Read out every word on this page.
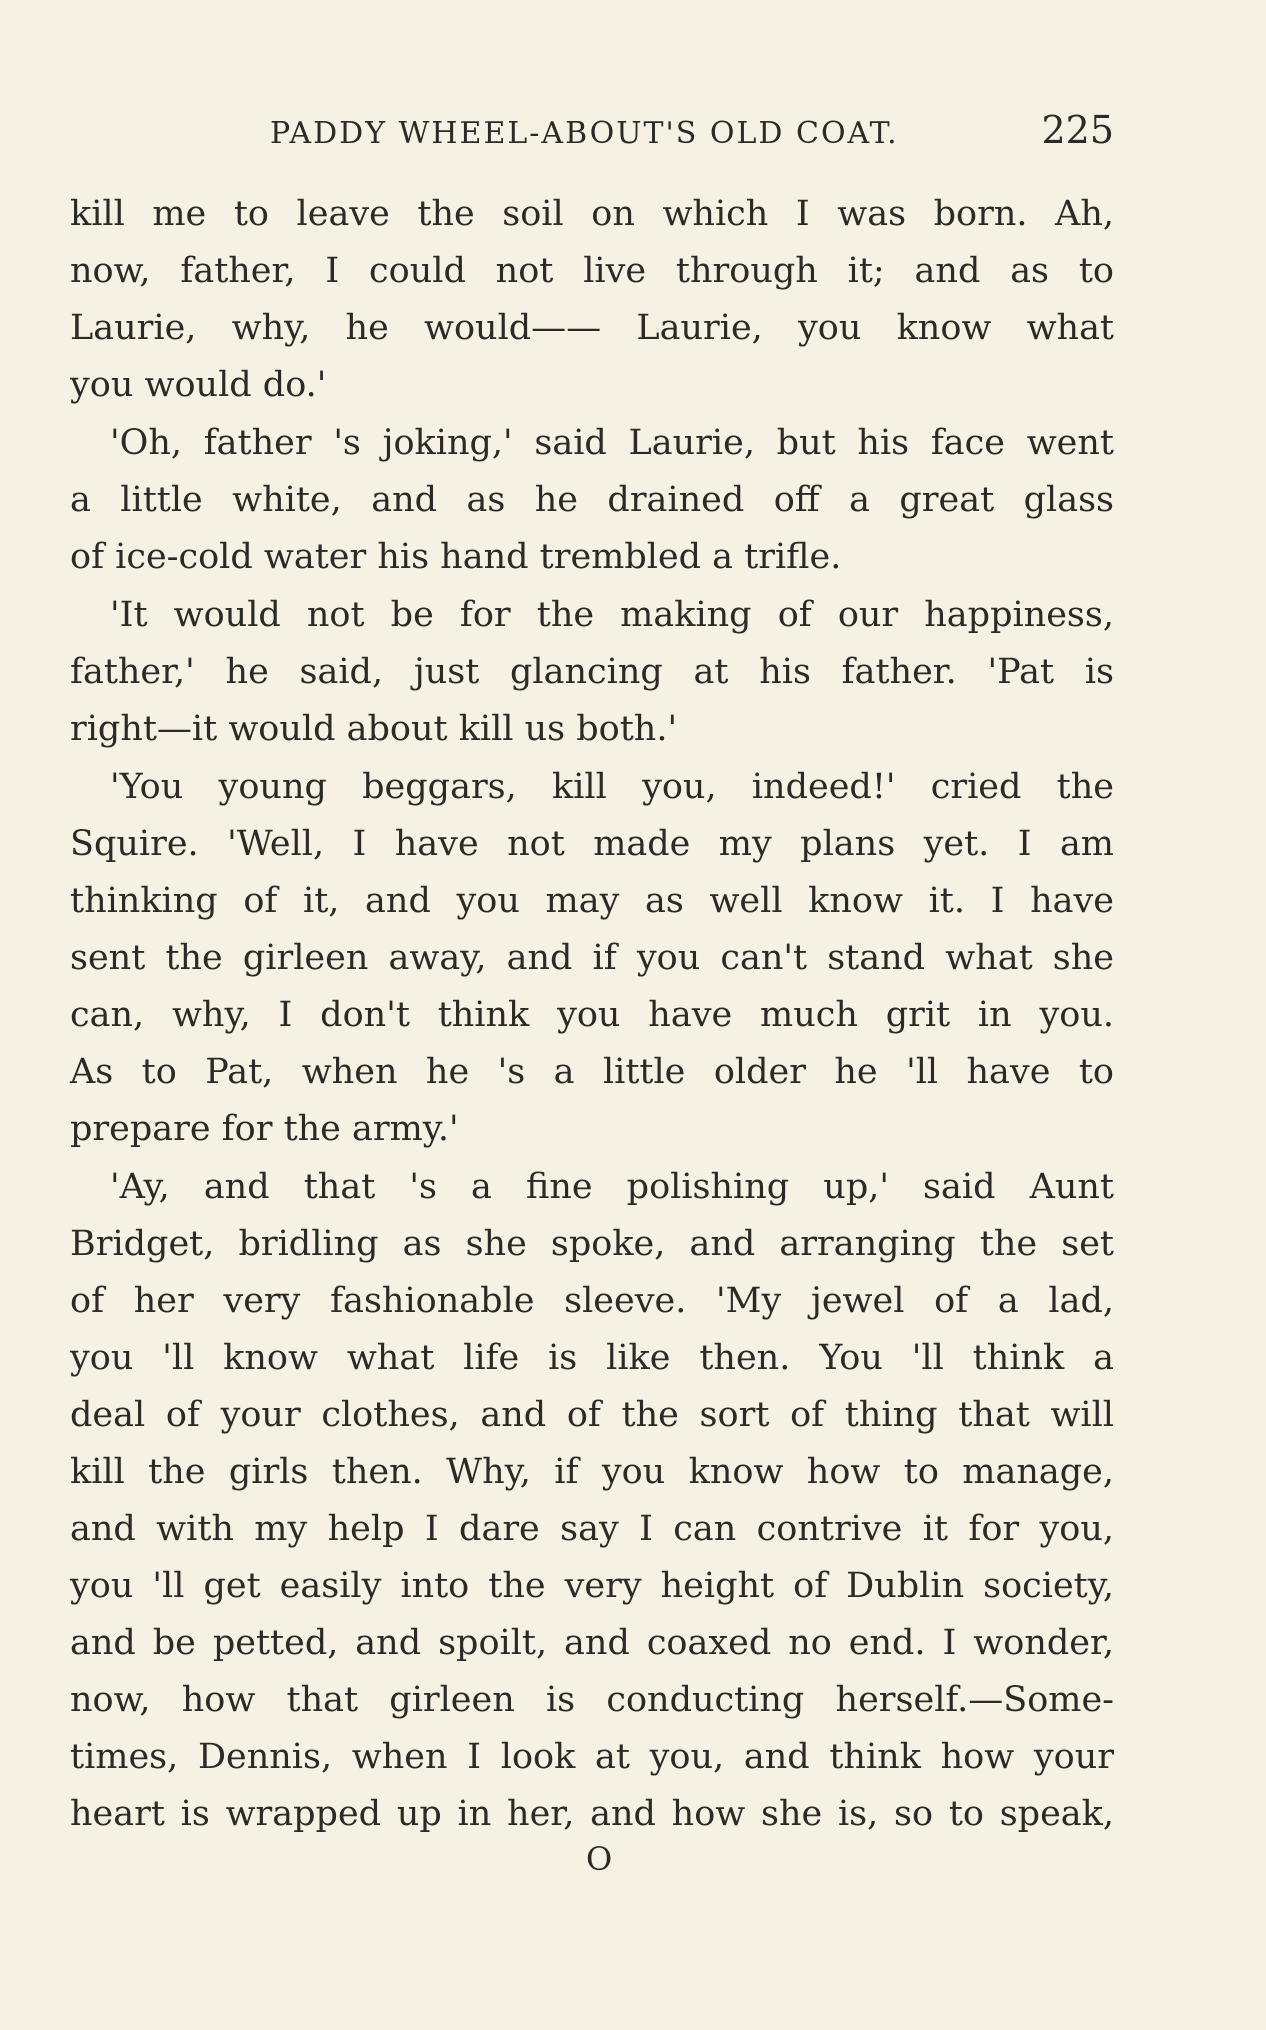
PADDY WHEEL-ABOUT'S OLD COAT.	225
kill me to leave the soil on which I was born. Ah,
now, father, I could not live through it; and as to
Laurie, why, he would—— Laurie, you know what
you would do.'
'Oh, father 's joking,' said Laurie, but his face went
a little white, and as he drained off a great glass
of ice-cold water his hand trembled a trifle.
'It would not be for the making of our happiness,
father,' he said, just glancing at his father. 'Pat is
right—it would about kill us both.'
'You young beggars, kill you, indeed!' cried the
Squire. 'Well, I have not made my plans yet. I am
thinking of it, and you may as well know it. I have
sent the girleen away, and if you can't stand what she
can, why, I don't think you have much grit in you.
As to Pat, when he 's a little older he 'll have to
prepare for the army.'
'Ay, and that 's a fine polishing up,' said Aunt
Bridget, bridling as she spoke, and arranging the set
of her very fashionable sleeve. 'My jewel of a lad,
you 'll know what life is like then. You 'll think a
deal of your clothes, and of the sort of thing that will
kill the girls then. Why, if you know how to manage,
and with my help I dare say I can contrive it for you,
you 'll get easily into the very height of Dublin society,
and be petted, and spoilt, and coaxed no end. I wonder,
now, how that girleen is conducting herself.—Some-
times, Dennis, when I look at you, and think how your
heart is wrapped up in her, and how she is, so to speak,
O
